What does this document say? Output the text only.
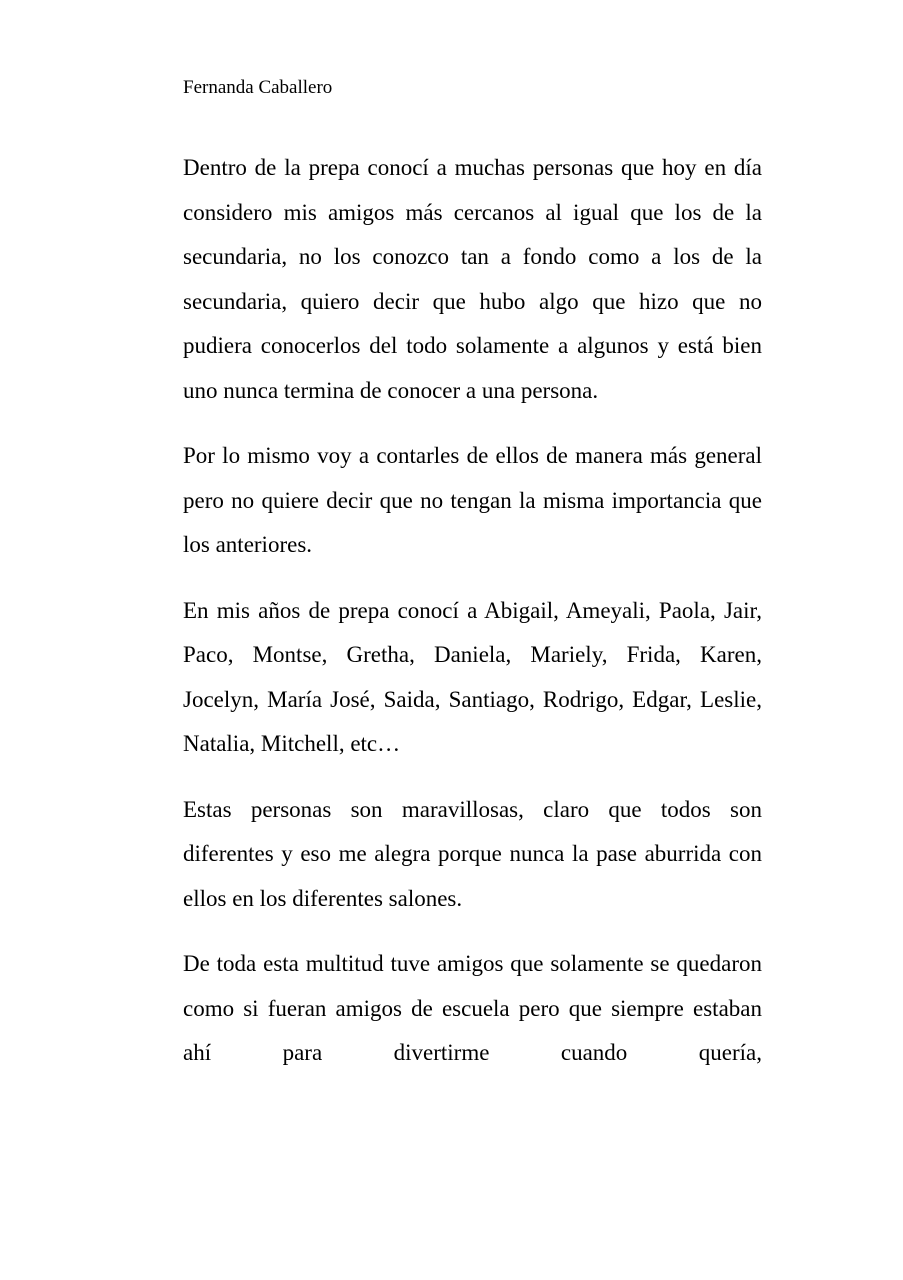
Fernanda Caballero

Dentro de la prepa conocí a muchas personas que hoy en día considero mis amigos más cercanos al igual que los de la secundaria, no los conozco tan a fondo como a los de la secundaria, quiero decir que hubo algo que hizo que no pudiera conocerlos del todo solamente a algunos y está bien uno nunca termina de conocer a una persona.

Por lo mismo voy a contarles de ellos de manera más general pero no quiere decir que no tengan la misma importancia que los anteriores.

En mis años de prepa conocí a Abigail, Ameyali, Paola, Jair, Paco, Montse, Gretha, Daniela, Mariely, Frida, Karen, Jocelyn, María José, Saida, Santiago, Rodrigo, Edgar, Leslie, Natalia, Mitchell, etc…

Estas personas son maravillosas, claro que todos son diferentes y eso me alegra porque nunca la pase aburrida con ellos en los diferentes salones.

De toda esta multitud tuve amigos que solamente se quedaron como si fueran amigos de escuela pero que siempre estaban ahí para divertirme cuando quería,
